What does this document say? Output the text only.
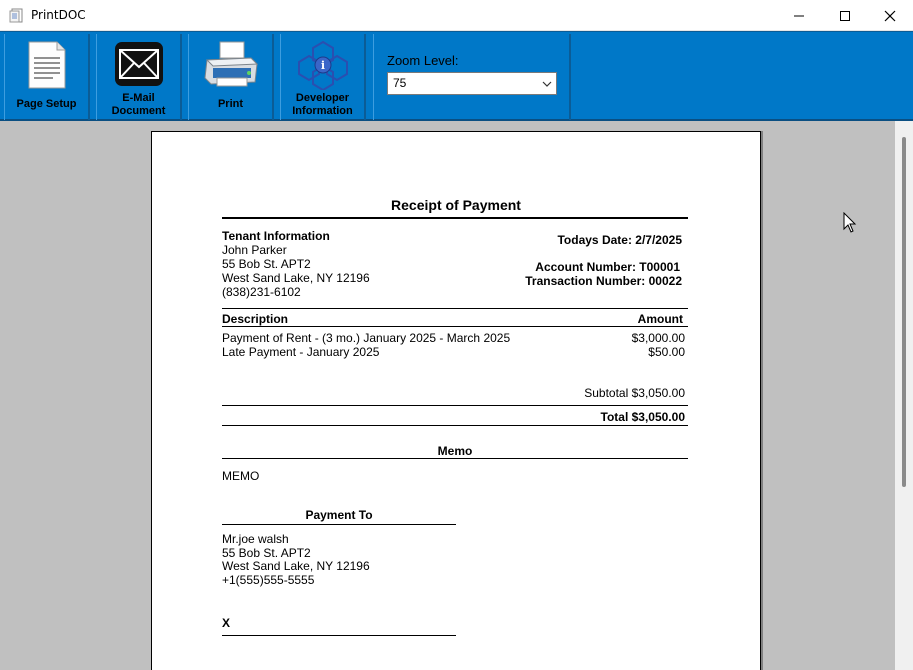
PrintDOC
Page Setup	E-Mail
Document
Print
i
Developer
Information
Zoom Level:
75
Receipt of Payment
Tenant Information
John Parker
55 Bob St. APT2
West Sand Lake, NY 12196
(838)231-6102
Todays Date: 2/7/2025
Account Number: T00001
Transaction Number: 00022
Description	Amount
Payment of Rent - (3 mo.) January 2025 - March 2025	$3,000.00
Late Payment - January 2025	$50.00
Subtotal $3,050.00
Total $3,050.00
Memo
MEMO
Payment To
Mr.joe walsh
55 Bob St. APT2
West Sand Lake, NY 12196
+1(555)555-5555
X
